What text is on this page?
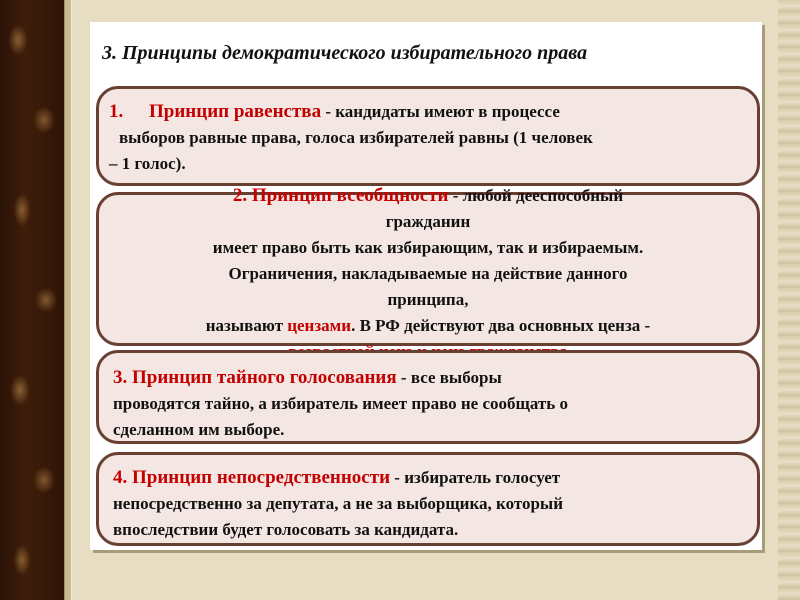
3. Принципы демократического избирательного права
1. Принцип равенства - кандидаты имеют в процессе
выборов равные права, голоса избирателей равны (1 человек
– 1 голос).
2. Принцип всеобщности - любой дееспособный
гражданин
имеет право быть как избирающим, так и избираемым.
Ограничения, накладываемые на действие данного
принципа,
называют цензами. В РФ действуют два основных ценза -
3. Принцип тайного голосования - все выборы
проводятся тайно, а избиратель имеет право не сообщать о
сделанном им выборе.
4. Принцип непосредственности - избиратель голосует
непосредственно за депутата, а не за выборщика, который
впоследствии будет голосовать за кандидата.
